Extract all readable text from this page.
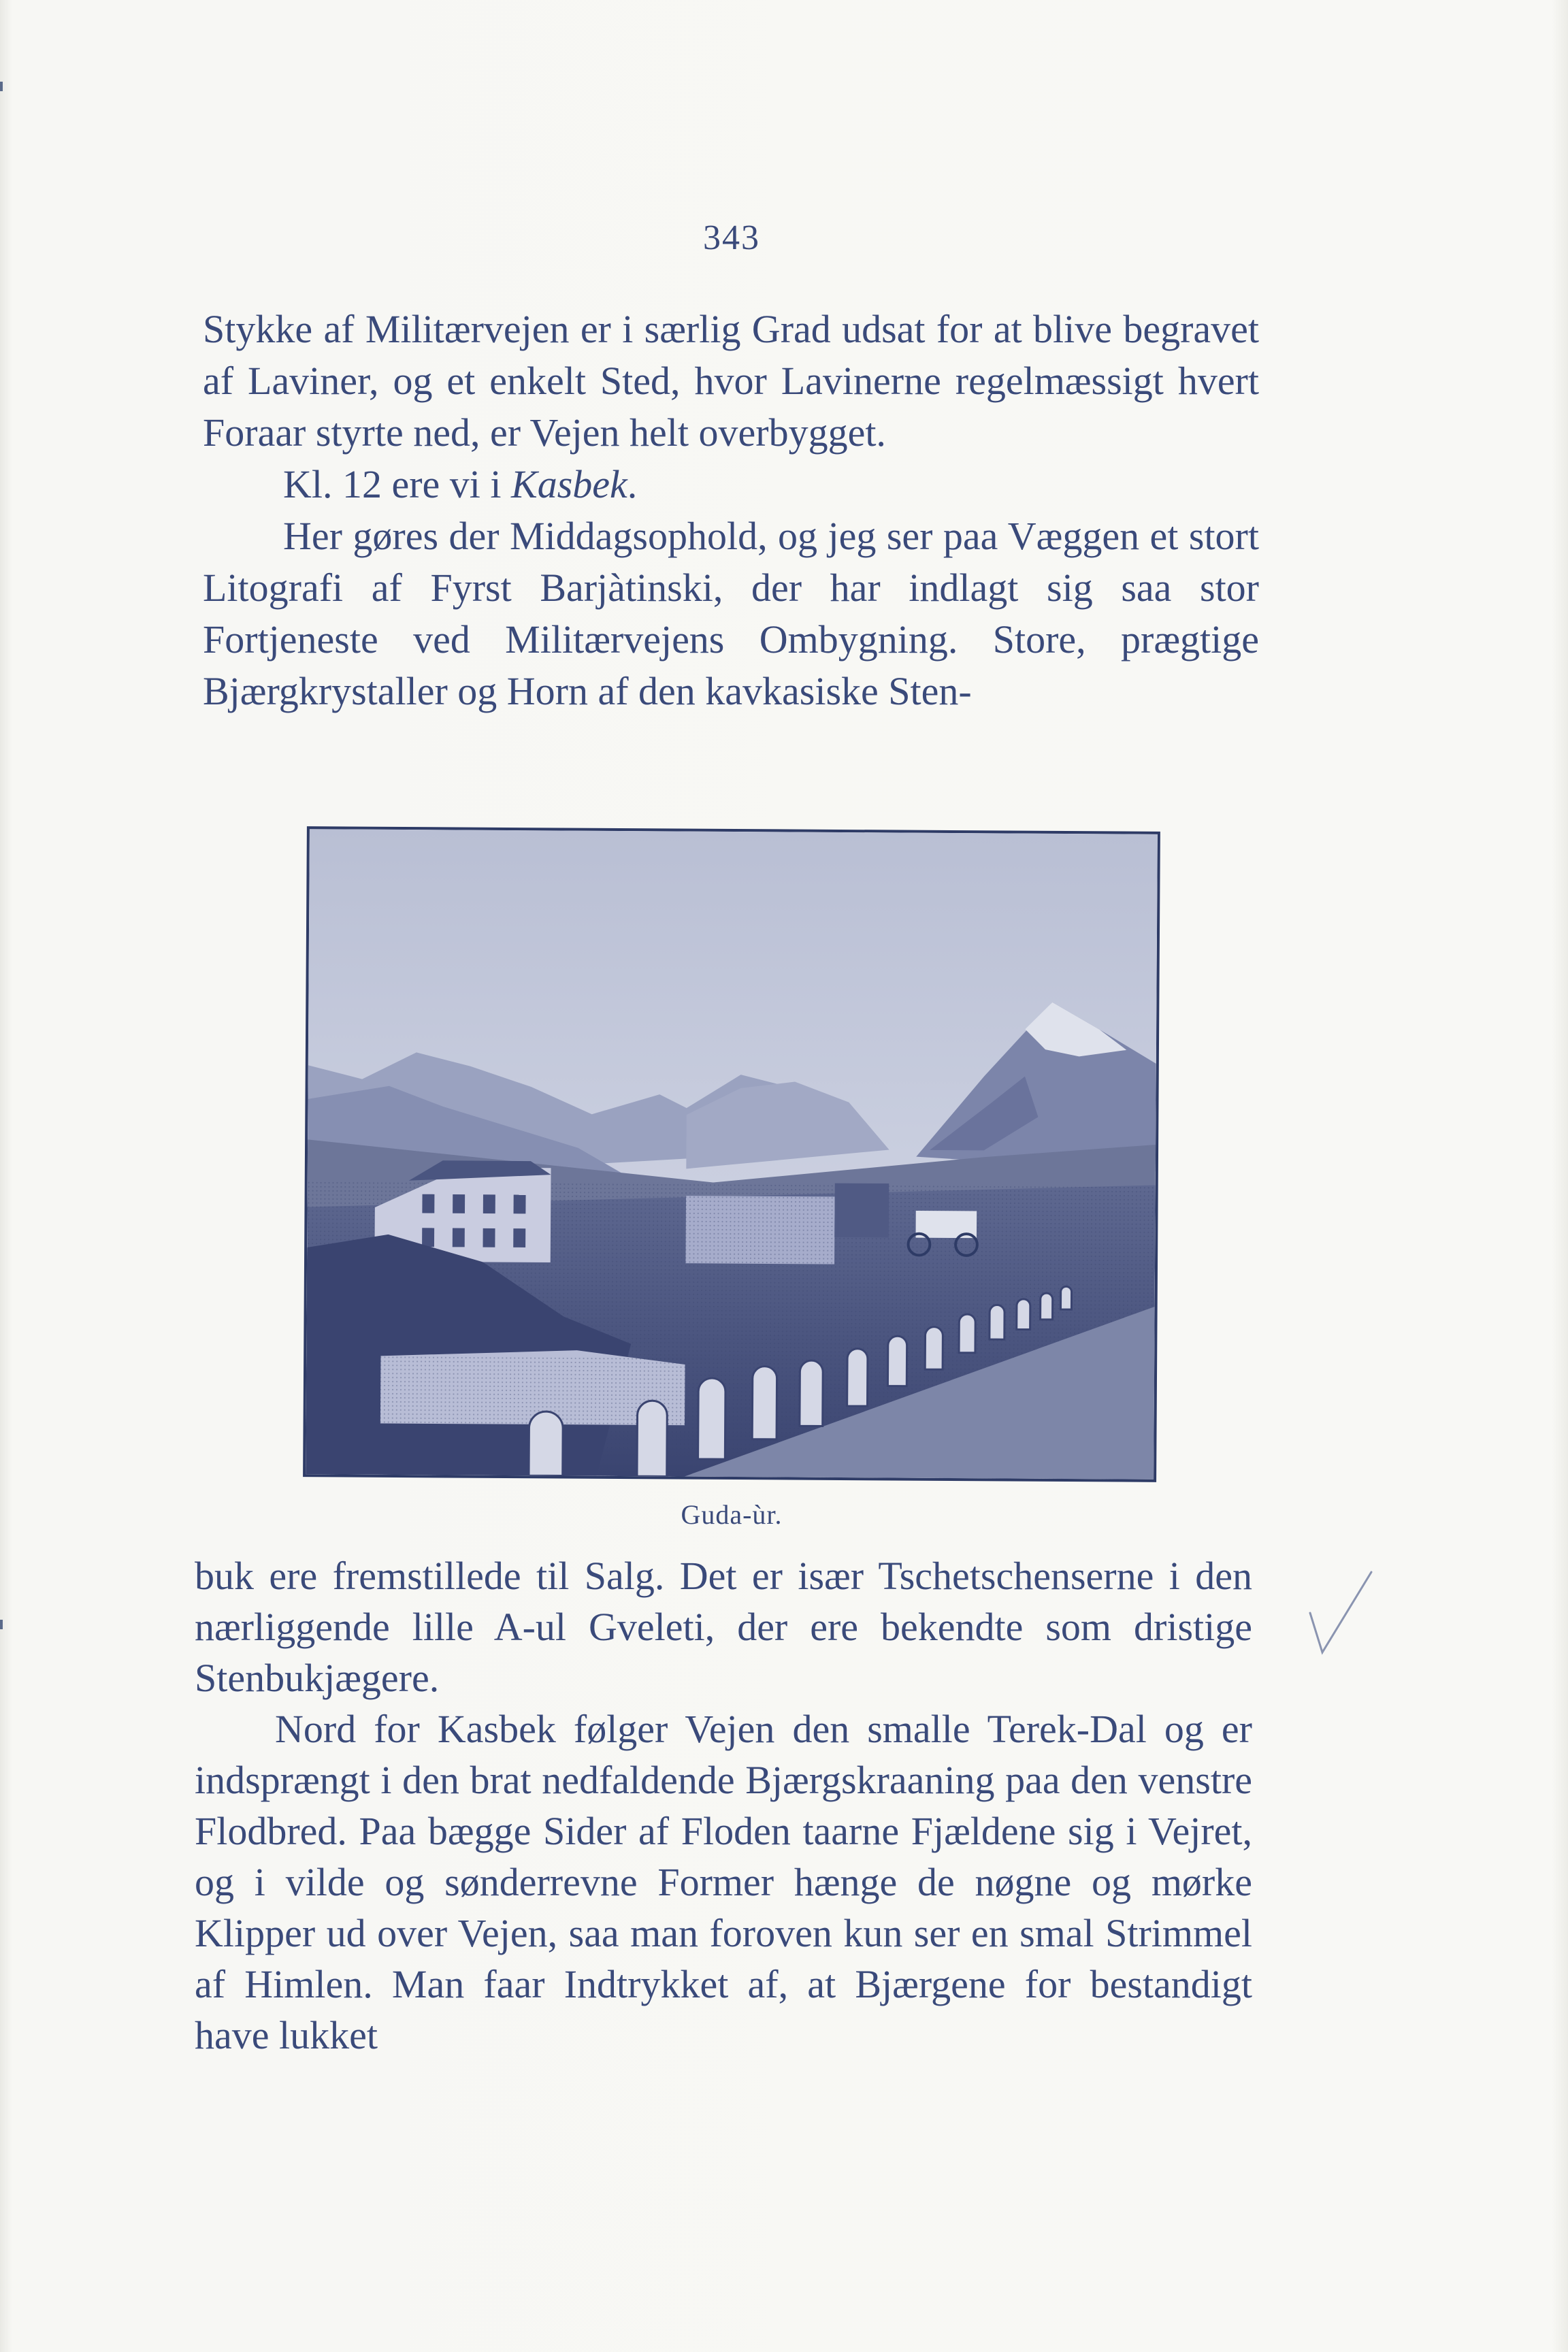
343

Stykke af Militærvejen er i særlig Grad udsat for at blive begravet af Laviner, og et enkelt Sted, hvor Lavinerne regelmæssigt hvert Foraar styrte ned, er Vejen helt overbygget.

Kl. 12 ere vi i Kasbek.

Her gøres der Middagsophold, og jeg ser paa Væggen et stort Litografi af Fyrst Barjàtinski, der har indlagt sig saa stor Fortjeneste ved Militærvejens Ombygning. Store, prægtige Bjærgkrystaller og Horn af den kavkasiske Sten-

Guda-ùr.

buk ere fremstillede til Salg. Det er især Tschetschenserne i den nærliggende lille A-ul Gveleti, der ere bekendte som dristige Stenbukjægere.

Nord for Kasbek følger Vejen den smalle Terek-Dal og er indsprængt i den brat nedfaldende Bjærgskraaning paa den venstre Flodbred. Paa bægge Sider af Floden taarne Fjældene sig i Vejret, og i vilde og sønderrevne Former hænge de nøgne og mørke Klipper ud over Vejen, saa man foroven kun ser en smal Strimmel af Himlen. Man faar Indtrykket af, at Bjærgene for bestandigt have lukket
